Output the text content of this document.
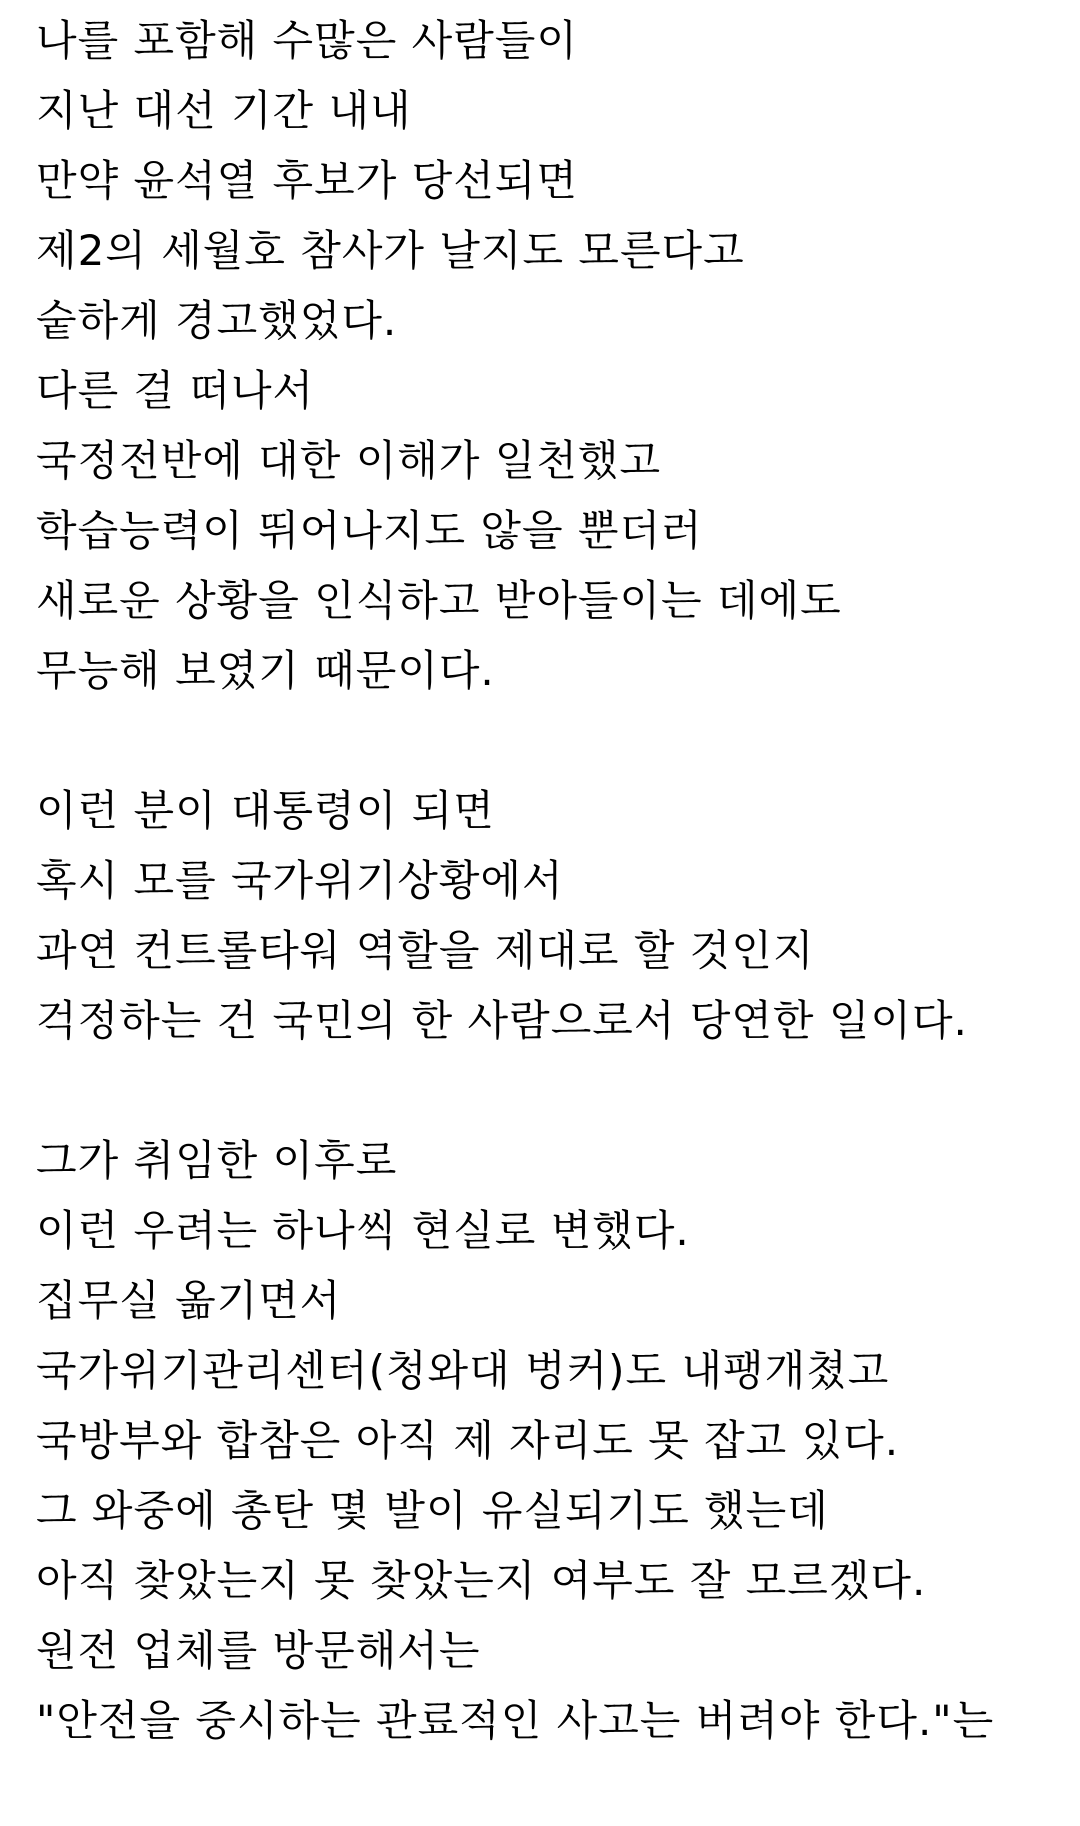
나를 포함해 수많은 사람들이
지난 대선 기간 내내
만약 윤석열 후보가 당선되면
제2의 세월호 참사가 날지도 모른다고
숱하게 경고했었다.
다른 걸 떠나서
국정전반에 대한 이해가 일천했고
학습능력이 뛰어나지도 않을 뿐더러
새로운 상황을 인식하고 받아들이는 데에도
무능해 보였기 때문이다.
이런 분이 대통령이 되면
혹시 모를 국가위기상황에서
과연 컨트롤타워 역할을 제대로 할 것인지
걱정하는 건 국민의 한 사람으로서 당연한 일이다.
그가 취임한 이후로
이런 우려는 하나씩 현실로 변했다.
집무실 옮기면서
국가위기관리센터(청와대 벙커)도 내팽개쳤고
국방부와 합참은 아직 제 자리도 못 잡고 있다.
그 와중에 총탄 몇 발이 유실되기도 했는데
아직 찾았는지 못 찾았는지 여부도 잘 모르겠다.
원전 업체를 방문해서는
"안전을 중시하는 관료적인 사고는 버려야 한다."는
